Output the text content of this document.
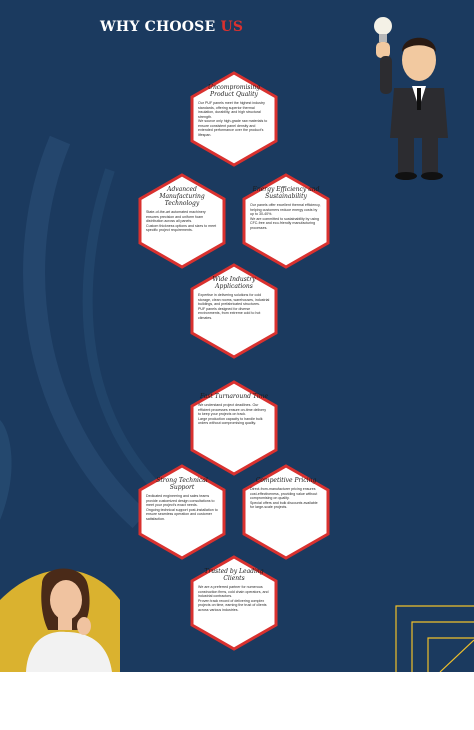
WHY CHOOSE US

Uncompromising Product Quality

Our PUF panels meet the highest industry standards, offering superior thermal insulation, durability, and high structural strength.
We source only high-grade raw materials to ensure consistent panel density and extended performance over the product's lifespan.

Advanced Manufacturing Technology

State-of-the-art automated machinery ensures precision and uniform foam distribution across all panels.
Custom thickness options and sizes to meet specific project requirements.

Energy Efficiency and Sustainability

Our panels offer excellent thermal efficiency, helping customers reduce energy costs by up to 30-40%.
We are committed to sustainability by using CFC-free and eco-friendly manufacturing processes.

Wide Industry Applications

Expertise in delivering solutions for cold storage, clean rooms, warehouses, industrial buildings, and prefabricated structures.
PUF panels designed for diverse environments, from extreme cold to hot climates.

Fast Turnaround Time

We understand project deadlines. Our efficient processes ensure on-time delivery to keep your projects on track.
Large production capacity to handle bulk orders without compromising quality.

Strong Technical Support

Dedicated engineering and sales teams provide customized design consultations to meet your project's exact needs.
Ongoing technical support post-installation to ensure seamless operation and customer satisfaction.

Competitive Pricing

Direct-from-manufacturer pricing ensures cost-effectiveness, providing value without compromising on quality.
Special offers and bulk discounts available for large-scale projects.

Trusted by Leading Clients

We are a preferred partner for numerous construction firms, cold chain operators, and industrial contractors.
Proven track record of delivering complex projects on time, earning the trust of clients across various industries.
